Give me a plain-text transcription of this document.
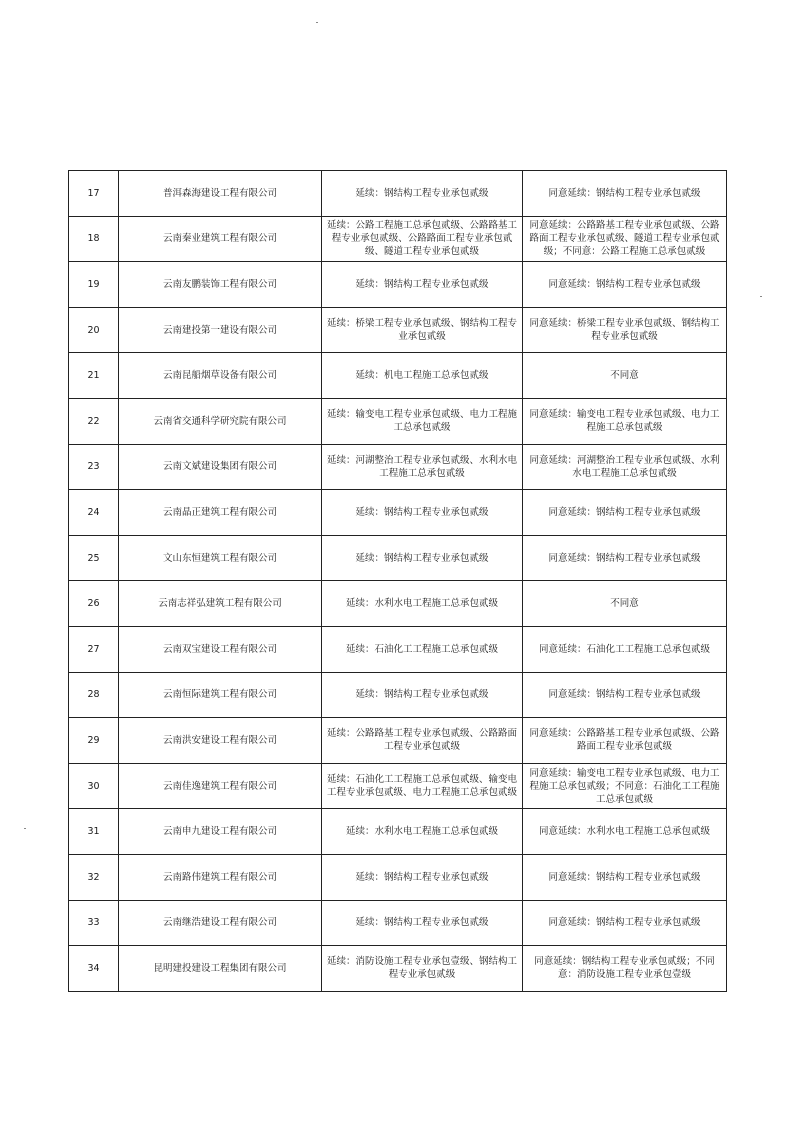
17	普洱森海建设工程有限公司	延续：钢结构工程专业承包贰级	同意延续：钢结构工程专业承包贰级
18	云南秦业建筑工程有限公司	延续：公路工程施工总承包贰级、公路路基工程专业承包贰级、公路路面工程专业承包贰级、隧道工程专业承包贰级	同意延续：公路路基工程专业承包贰级、公路路面工程专业承包贰级、隧道工程专业承包贰级；不同意：公路工程施工总承包贰级
19	云南友鹏装饰工程有限公司	延续：钢结构工程专业承包贰级	同意延续：钢结构工程专业承包贰级
20	云南建投第一建设有限公司	延续：桥梁工程专业承包贰级、钢结构工程专业承包贰级	同意延续：桥梁工程专业承包贰级、钢结构工程专业承包贰级
21	云南昆船烟草设备有限公司	延续：机电工程施工总承包贰级	不同意
22	云南省交通科学研究院有限公司	延续：输变电工程专业承包贰级、电力工程施工总承包贰级	同意延续：输变电工程专业承包贰级、电力工程施工总承包贰级
23	云南文斌建设集团有限公司	延续：河湖整治工程专业承包贰级、水利水电工程施工总承包贰级	同意延续：河湖整治工程专业承包贰级、水利水电工程施工总承包贰级
24	云南晶正建筑工程有限公司	延续：钢结构工程专业承包贰级	同意延续：钢结构工程专业承包贰级
25	文山东恒建筑工程有限公司	延续：钢结构工程专业承包贰级	同意延续：钢结构工程专业承包贰级
26	云南志祥弘建筑工程有限公司	延续：水利水电工程施工总承包贰级	不同意
27	云南双宝建设工程有限公司	延续：石油化工工程施工总承包贰级	同意延续：石油化工工程施工总承包贰级
28	云南恒际建筑工程有限公司	延续：钢结构工程专业承包贰级	同意延续：钢结构工程专业承包贰级
29	云南洪安建设工程有限公司	延续：公路路基工程专业承包贰级、公路路面工程专业承包贰级	同意延续：公路路基工程专业承包贰级、公路路面工程专业承包贰级
30	云南佳逸建筑工程有限公司	延续：石油化工工程施工总承包贰级、输变电工程专业承包贰级、电力工程施工总承包贰级	同意延续：输变电工程专业承包贰级、电力工程施工总承包贰级；不同意：石油化工工程施工总承包贰级
31	云南申九建设工程有限公司	延续：水利水电工程施工总承包贰级	同意延续：水利水电工程施工总承包贰级
32	云南路伟建筑工程有限公司	延续：钢结构工程专业承包贰级	同意延续：钢结构工程专业承包贰级
33	云南继浩建设工程有限公司	延续：钢结构工程专业承包贰级	同意延续：钢结构工程专业承包贰级
34	昆明建投建设工程集团有限公司	延续：消防设施工程专业承包壹级、钢结构工程专业承包贰级	同意延续：钢结构工程专业承包贰级；不同意：消防设施工程专业承包壹级
